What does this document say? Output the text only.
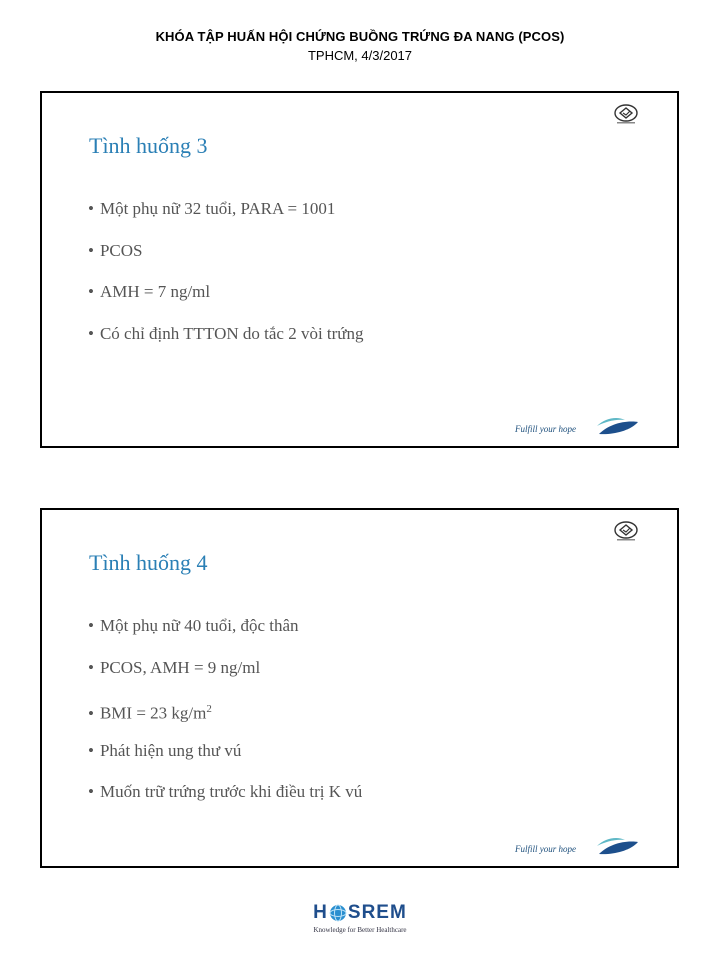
KHÓA TẬP HUẤN HỘI CHỨNG BUỒNG TRỨNG ĐA NANG (PCOS)
TPHCM, 4/3/2017
Tình huống 3
• Một phụ nữ 32 tuổi, PARA = 1001
• PCOS
• AMH = 7 ng/ml
• Có chỉ định TTTON do tắc 2 vòi trứng
Fulfill your hope
Tình huống 4
• Một phụ nữ 40 tuổi, độc thân
• PCOS, AMH = 9 ng/ml
• BMI = 23 $kg/m^2$
• Phát hiện ung thư vú
• Muốn trữ trứng trước khi điều trị K vú
Fulfill your hope
H SREM
Knowledge for Better Healthcare
